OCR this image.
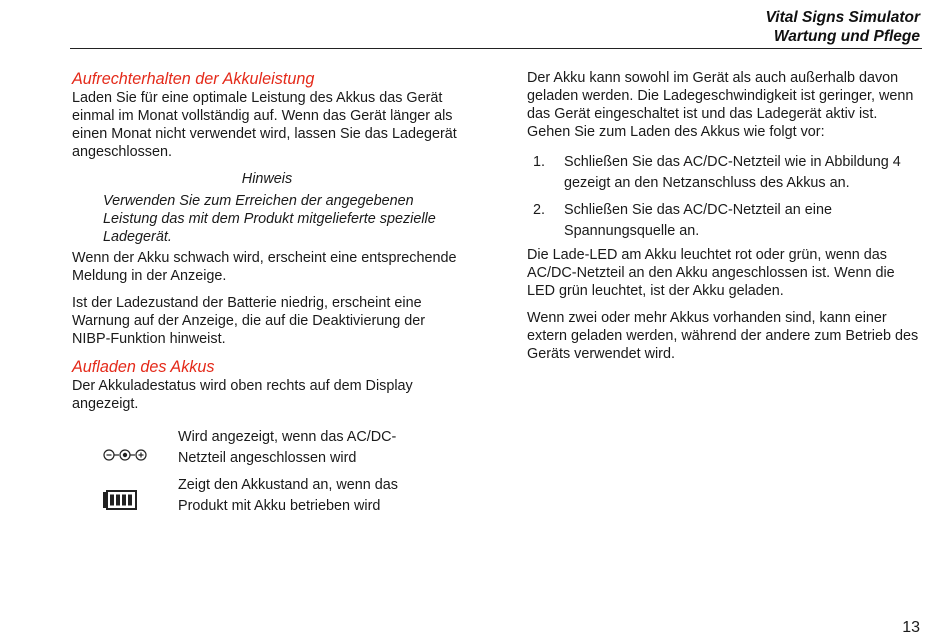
Vital Signs Simulator
Wartung und Pflege
Aufrechterhalten der Akkuleistung

Laden Sie für eine optimale Leistung des Akkus das Gerät einmal im Monat vollständig auf. Wenn das Gerät länger als einen Monat nicht verwendet wird, lassen Sie das Ladegerät angeschlossen.

Hinweis
Verwenden Sie zum Erreichen der angegebenen Leistung das mit dem Produkt mitgelieferte spezielle Ladegerät.

Wenn der Akku schwach wird, erscheint eine entsprechende Meldung in der Anzeige.

Ist der Ladezustand der Batterie niedrig, erscheint eine Warnung auf der Anzeige, die auf die Deaktivierung der NIBP-Funktion hinweist.

Aufladen des Akkus

Der Akkuladestatus wird oben rechts auf dem Display angezeigt.

Wird angezeigt, wenn das AC/DC-Netzteil angeschlossen wird
Zeigt den Akkustand an, wenn das Produkt mit Akku betrieben wird

Der Akku kann sowohl im Gerät als auch außerhalb davon geladen werden. Die Ladegeschwindigkeit ist geringer, wenn das Gerät eingeschaltet ist und das Ladegerät aktiv ist. Gehen Sie zum Laden des Akkus wie folgt vor:

1. Schließen Sie das AC/DC-Netzteil wie in Abbildung 4 gezeigt an den Netzanschluss des Akkus an.
2. Schließen Sie das AC/DC-Netzteil an eine Spannungsquelle an.

Die Lade-LED am Akku leuchtet rot oder grün, wenn das AC/DC-Netzteil an den Akku angeschlossen ist. Wenn die LED grün leuchtet, ist der Akku geladen.

Wenn zwei oder mehr Akkus vorhanden sind, kann einer extern geladen werden, während der andere zum Betrieb des Geräts verwendet wird.

13
